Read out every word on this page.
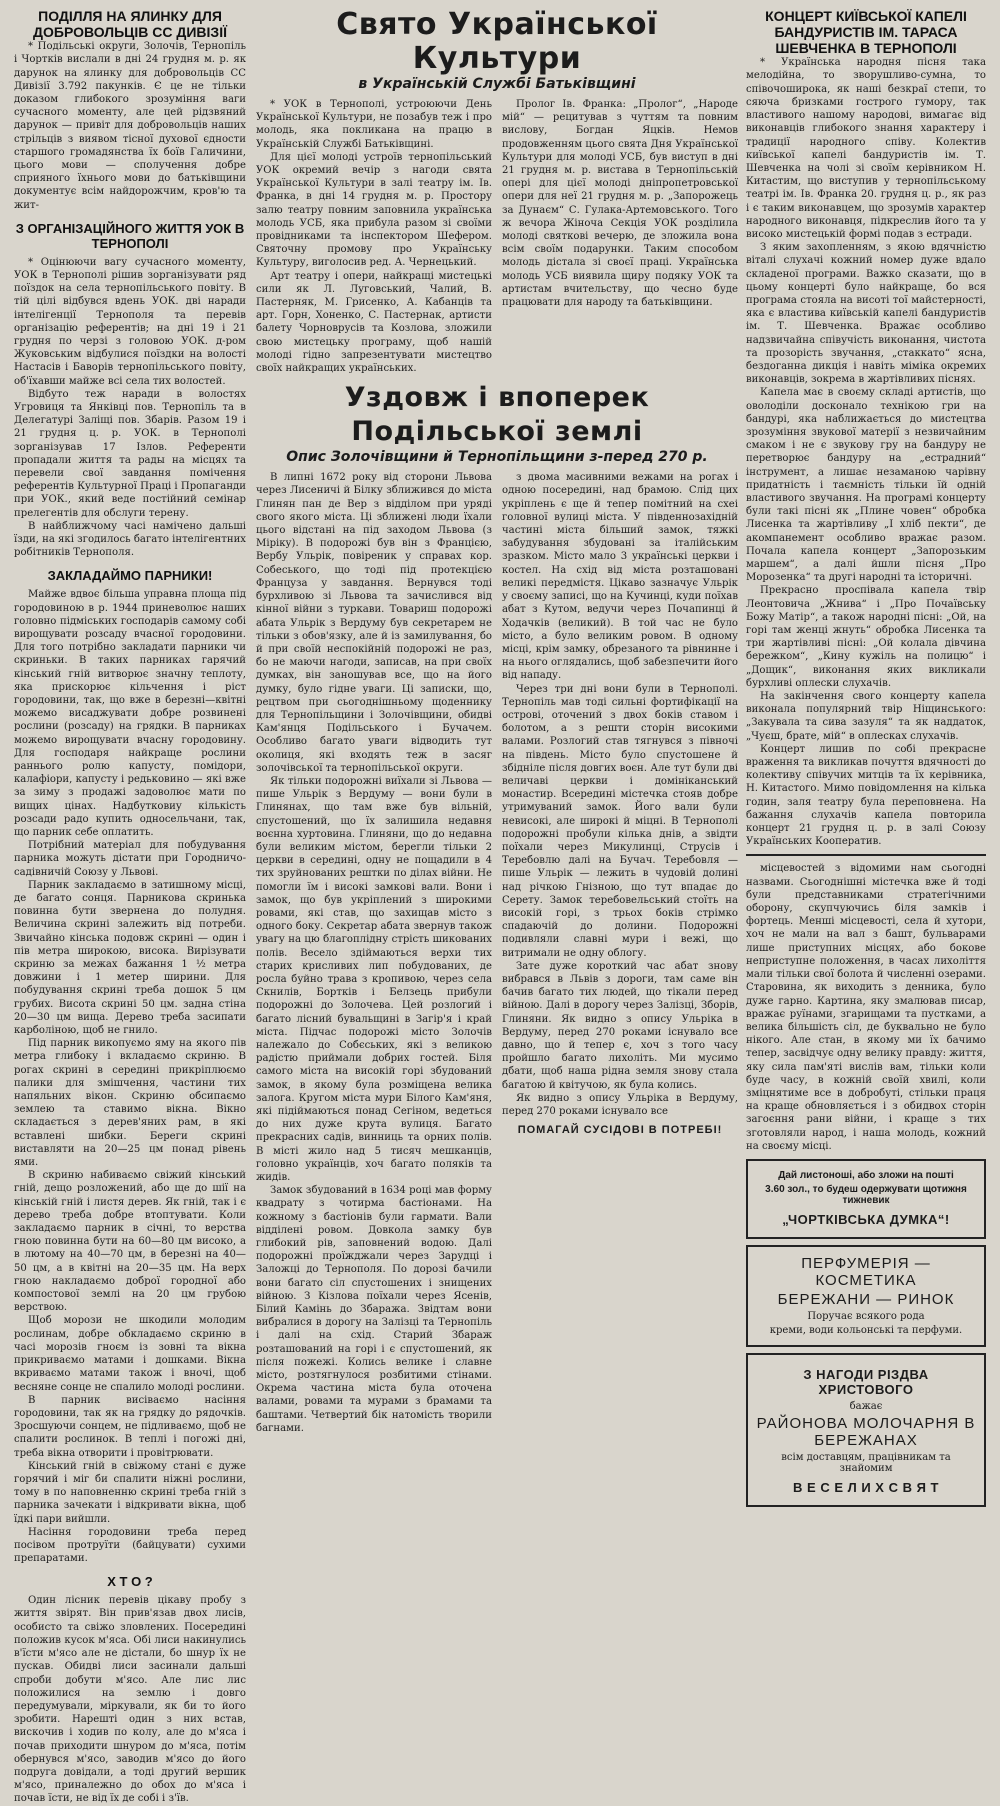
ПОДІЛЛЯ НА ЯЛИНКУ ДЛЯ ДОБРОВОЛЬЦІВ СС ДИВІЗІЇ

* Подільські округи, Золочів, Тернопіль і Чортків вислали в дні 24 грудня м. р. як дарунок на ялинку для добровольців СС Дивізії 3.792 пакунків. Є це не тільки доказом глибокого зрозуміння ваги сучасного моменту, але цей рідзвяний дарунок — привіт для добровольців наших стрільців з виявом тісної духової єдности старшого громадянства їх боїв Галичини, цього мови — сполучення добре сприяного їхнього мови до батьківщини документує всім найдорожчим, кров'ю та жит-

З ОРГАНІЗАЦІЙНОГО ЖИТТЯ УОК В ТЕРНОПОЛІ

* Оцінюючи вагу сучасного моменту, УОК в Тернополі рішив зорганізувати ряд поїздок на села тернопільського повіту. В тій цілі відбувся вдень УОК. дві наради інтелігенції Тернополя та перевів організацію референтів; на дні 19 і 21 грудня по черзі з головою УОК. д-ром Жуковським відбулися поїздки на волості Настасів і Баворів тернопільського повіту, об'їхавши майже всі села тих волостей.

Відбуто теж наради в волостях Угровиця та Янківці пов. Тернопіль та в Делегатурі Заліщі пов. Збарів. Разом 19 і 21 грудня ц. р. УОК. в Тернополі зорганізував 17 Ізлов. Референти пропадали життя та рады на місцях та перевели свої завдання помічення референтів Культурної Праці і Пропаганди при УОК., який веде постійний семінар прелегентів для обслуги терену.

В найближчому часі намічено дальші їзди, на які згодилось багато інтелігентних робітників Тернополя.

ЗАКЛАДАЙМО ПАРНИКИ!

Майже вдвоє більша управна площа під городовиною в р. 1944 приневолює наших головно підміських господарів самому собі вирощувати розсаду вчасної городовини. Для того потрібно закладати парники чи скриньки. В таких парниках гарячий кінський гній витворює значну теплоту, яка прискорює кільчення і ріст городовини, так, що вже в березні—квітні можемо висаджувати добре розвинені рослини (розсаду) на грядки. В парниках можемо вирощувати вчасну городовину. Для господаря найкраще рослини раннього ролю капусту, помідори, калафіори, капусту і редьковино — які вже за зиму з продажі задоволює мати по вищих цінах. Надбутковиу кількість розсади радо купить односельчани, так, що парник себе оплатить.

Потрібний матеріал для побудування парника можуть дістати при Городничо-садівничій Союзу у Львові.

Парник закладаємо в затишному місці, де багато сонця. Парникова скринька повинна бути звернена до полудня. Величина скрині залежить від потреби. Звичайно кінська подовж скрині — один і пів метра широкою, висока. Вирізувати скриню за межах бажання 1 ½ метра довжини і 1 метер ширини. Для побудування скрині треба дошок 5 цм грубих. Висота скрині 50 цм. задна стіна 20—30 цм вища. Дерево треба засипати карболіною, щоб не гнило.

Під парник викопуємо яму на якого пів метра глибоку і вкладаємо скриню. В рогах скрині в середині прикріплюємо палики для змішчення, частини тих напяльних вікон. Скриню обсипаємо землею та ставимо вікна. Вікно складається з дерев'яних рам, в які вставлені шибки. Береги скрині виставляти на 20—25 цм понад рівень ями.

В скриню набиваємо свіжий кінський гній, дещо розложений, або ще до шії на кінській гній і листя дерев. Як гній, так і є дерево треба добре втоптувати. Коли закладаємо парник в січні, то верства гною повинна бути на 60—80 цм високо, а в лютому на 40—70 цм, в березні на 40—50 цм, а в квітні на 20—35 цм. На верх гною накладаємо доброї городної або компостової землі на 20 цм грубою верствою.

Щоб морози не шкодили молодим рослинам, добре обкладаємо скриню в часі морозів гноєм із зовні та вікна прикриваємо матами і дошками. Вікна вкриваємо матами також і вночі, щоб весняне сонце не спалило молоді рослини.

В парник висіваємо насіння городовини, так як на грядку до рядочків. Зросшуючи сонцем, не підливаємо, щоб не спалити рослинок. В теплі і погожі дні, треба вікна отворити і провітрювати.

Кінський гній в свіжому стані є дуже горячий і міг би спалити ніжні рослини, тому в по наповненню скрині треба гній з парника зачекати і відкривати вікна, щоб їдкі пари вийшли.

Насіння городовини треба перед посівом протруїти (байцувати) сухими препаратами.

Х Т О ?

Один лісник перевів цікаву пробу з життя звірят. Він прив'язав двох лисів, особисто та свіжо зловлених. Посередині положив кусок м'яса. Обі лиси накинулись в'їсти м'ясо але не дістали, бо шнур їх не пускав. Обидві лиси засинали дальші спроби добути м'ясо. Але лис лис положилися на землю і довго передумували, міркували, як би то його зробити. Нарешті один з них встав, вискочив і ходив по колу, але до м'яса і почав приходити шнуром до м'яса, потім обернувся м'ясо, заводив м'ясо до його подруга довідали, а тоді другий вершик м'ясо, приналежно до обох до м'яса і почав їсти, не від їх де собі і з'їв.

Свято Української Культури
в Українській Службі Батьківщині

* УОК в Тернополі, устроюючи День Української Культури, не позабув теж і про молодь, яка покликана на працю в Українській Службі Батьківщині.

Для цієї молоді устроїв тернопільський УОК окремий вечір з нагоди свята Української Культури в залі театру ім. Ів. Франка, в дні 14 грудня м. р. Простору залю театру повним заповнила українська молодь УСБ, яка прибула разом зі своїми провідниками та інспектором Шефером. Святочну промову про Українську Культуру, виголосив ред. А. Чернецький.

Арт театру і опери, найкращі мистецькі сили як Л. Луговський, Чалий, В. Пастерняк, М. Грисенко, А. Кабанців та арт. Горн, Хоненко, С. Пастернак, артисти балету Чорноврусів та Козлова, зложили свою мистецьку програму, щоб нашій молоді гідно запрезентувати мистецтво своїх найкращих українських.

Пролог Ів. Франка: „Пролог“, „Народе мій“ — рецитував з чуттям та повним вислову, Богдан Яцків. Немов продовженням цього свята Дня Української Культури для молоді УСБ, був виступ в дні 21 грудня м. р. вистава в Тернопільській опері для цієї молоді дніпропетровської опери для неї 21 грудня м. р. „Запорожець за Дунаєм“ С. Гулака-Артемовського. Того ж вечора Жіноча Секція УОК розділила молоді святкові вечерю, де зложила вона всім своїм подарунки. Таким способом молодь дістала зі своєї праці. Українська молодь УСБ виявила щиру подяку УОК та артистам вчительству, що чесно буде працювати для народу та батьківщини.

Уздовж і впоперек Подільської землі
Опис Золочівщини й Тернопільщини з-перед 270 р.

В липні 1672 року від сторони Львова через Лисеничі й Білку зближився до міста Глинян пан де Вер з відділом при уряді свого якого міста. Ці зближені люди їхали цього відстані на під заходом Львова (з Міріку). В подорожі був він з Францією, Вербу Ульрік, повіреник у справах кор. Собеського, що тоді під протекцією Француза у завдання. Вернувся тоді бурхливою зі Львова та зачислився від кінної війни з туркави. Товариш подорожі абата Ульрік з Вердуму був секретарем не тільки з обов'язку, але й із замилування, бо й при своїй неспокійній подорожі не раз, бо не маючи нагоди, записав, на при своїх думках, він заношував все, що на його думку, було гідне уваги. Ці записки, що, рецтвом при сьогоднішньому щоденнику для Тернопільщини і Золочівщини, обидві Кам'янця Подільського і Бучачем. Особливо багато уваги відводить тут околиця, які входять теж в засяг золочівської та тернопільської округи.

Як тільки подорожні виїхали зі Львова — пише Ульрік з Вердуму — вони були в Глинянах, що там вже був вільній, спустошений, що їх залишила недавня воєнна хуртовина. Глиняни, що до недавна були великим містом, берегли тільки 2 церкви в середині, одну не пощадили в 4 тих зруйнованих рештки по ділах війни. Не помогли їм і високі замкові вали. Вони і замок, що був укріплений з широкими ровами, які став, що захищав місто з одного боку. Секретар абата звернув також увагу на цю благоплідну стрість шикованих полів. Весело здіймаються верхи тих старих крисливих лип побудованих, де росла буйно трава з кропивою, через села Скнилів, Бортків і Белзець прибули подорожні до Золочева. Цей розлогий і багато лісний бувальщині в Загір'я і край міста. Підчас подорожі місто Золочів належало до Собєських, які з великою радістю приймали добрих гостей. Біля самого міста на високій горі збудований замок, в якому була розміщена велика залога. Кругом міста мури Білого Кам'яня, які підіймаються понад Сегіном, ведеться до них дуже крута вулиця. Багато прекрасних садів, винниць та орних полів. В місті жило над 5 тисяч мешканців, головно українців, хоч багато поляків та жидів.

Замок збудований в 1634 році мав форму квадрату з чотирма бастіонами. На кожному з бастіонів були гармати. Вали відділені ровом. Довкола замку був глибокий рів, заповнений водою. Далі подорожні проїжджали через Зарудці і Заложці до Тернополя. По дорозі бачили вони багато сіл спустошених і знищених війною. З Кізлова поїхали через Ясенів, Білий Камінь до Збаража. Звідтам вони вибралися в дорогу на Залізці та Тернопіль і далі на схід. Старий Збараж розташований на горі і є спустошений, як після пожежі. Колись велике і славне місто, розтягнулося розбитими стінами. Окрема частина міста була оточена валами, ровами та мурами з брамами та баштами. Четвертий бік натомість творили багнами.

з двома масивними вежами на рогах і одною посередині, над брамою. Слід цих укріплень є ще й тепер помітний на схеі головної вулиці міста. У південнозахідній частині міста більший замок, тяжкі забудування збудовані за італійським зразком. Місто мало 3 українські церкви і костел. На схід від міста розташовані великі передмістя. Цікаво зазначує Ульрік у своєму записі, що на Кучинці, куди поїхав абат з Кутом, ведучи через Почапинці й Ходачків (великий). В той час не було місто, а було великим ровом. В одному місці, крім замку, обрезаного та рівнинне і на нього оглядались, щоб забезпечити його від нападу.

Через три дні вони були в Тернополі. Тернопіль мав тоді сильні фортифікації на острові, оточений з двох боків ставом і болотом, а з решти сторін високими валами. Розлогий став тягнувся з півночі на південь. Місто було спустошене й збіднілe після довгих воєн. Але тут були дві величаві церкви і домініканський монастир. Всередині містечка стояв добре утримуваний замок. Його вали були невисокі, але широкі й міцні. В Тернополі подорожні пробули кілька днів, а звідти поїхали через Микулинці, Струсів і Теребовлю далі на Бучач. Теребовля — пише Ульрік — лежить в чудовій долині над річкою Гнізною, що тут впадає до Серету. Замок теребовельський стоїть на високій горі, з трьох боків стрімко спадаючій до долини. Подорожні подивляли славні мури і вежі, що витримали не одну облогу.

Зате дуже короткий час абат знову вибрався в Львів з дороги, там саме він бачив багато тих людей, що тікали перед війною. Далі в дорогу через Залізці, Зборів, Глиняни. Як видно з опису Ульріка в Вердуму, перед 270 роками існувало все давно, що й тепер є, хоч з того часу пройшло багато лихоліть. Ми мусимо дбати, щоб наша рідна земля знову стала багатою й квітучою, як була колись.

Як видно з опису Ульріка в Вердуму, перед 270 роками існувало все

ПОМАГАЙ СУСІДОВІ В ПОТРЕБІ!
КОНЦЕРТ КИЇВСЬКОЇ КАПЕЛІ БАНДУРИСТІВ ІМ. ТАРАСА ШЕВЧЕНКА В ТЕРНОПОЛІ

* Українська народня пісня така мелодійна, то зворушливо-сумна, то співочоширока, як наші безкраї степи, то сяюча бризками гострого гумору, так властивого нашому народові, вимагає від виконавців глибокого знання характеру і традиції народного співу. Колектив київської капелі бандуристів ім. Т. Шевченка на чолі зі своїм керівником Н. Китастим, що виступив у тернопільському театрі ім. Ів. Франка 20. грудня ц. р., як раз і є таким виконавцем, що зрозумів характер народного виконавця, підкреслив його та у високо мистецькій формі подав з естради.

З яким захопленням, з якою вдячністю віталі слухачі кожний номер дуже вдало складеної програми. Важко сказати, що в цьому концерті було найкраще, бо вся програма стояла на висоті тої майстерності, яка є властива київській капелі бандуристів ім. Т. Шевченка. Вражає особливо надзвичайна співучість виконання, чистота та прозорість звучання, „стаккато“ ясна, бездоганна дикція і навіть міміка окремих виконавців, зокрема в жартівливих піснях.

Капела має в своєму складі артистів, що оволоділи досконало технікою гри на бандурі, яка наближається до мистецтва зрозуміння звукової матерії з незвичайним смаком і не є звукову гру на бандуру не перетворює бандуру на „естрадний“ інструмент, а лишає незаманою чарівну придатність і таємність тільки їй одній властивого звучання. На програмі концерту були такі пісні як „Плине човен“ обробка Лисенка та жартівливу „І хліб пекти“, де акомпанемент особливо вражає разом. Почала капела концерт „Запорозьким маршем“, а далі йшли пісня „Про Морозенка“ та другі народні та історичні.

Прекрасно проспівала капела твір Леонтовича „Жнива“ і „Про Почаївську Божу Матір“, а також народні пісні: „Ой, на горі там женці жнуть“ обробка Лисенка та три жартівливі пісні: „Ой колала дівчина бережком“, „Кину кужіль на полицю“ і „Дощик“, виконання яких викликали бурхливі оплески слухачів.

На закінчення свого концерту капела виконала популярний твір Ніщинського: „Закувала та сива зазуля“ та як наддаток, „Чуєш, брате, мій“ в оплесках слухачів.

Концерт лишив по собі прекрасне враження та викликав почуття вдячності до колективу співучих митців та їх керівника, Н. Китастого. Мимо повідомлення на кілька годин, заля театру була переповнена. На бажання слухачів капела повторила концерт 21 грудня ц. р. в залі Союзу Українських Кооператив.

місцевостей з відомими нам сьогодні назвами. Сьогоднішні містечка вже й тоді були представниками стратегічними оборону, скупчуючись біля замків і фортець. Менші місцевості, села й хутори, хоч не мали на вал з башт, бульварами лише приступних місцях, або бокове неприступне положення, в часах лихоліття мали тільки свої болота й численні озерами. Старовина, як виходить з денника, було дуже гарно. Картина, яку змалював писар, вражає руїнами, згарищами та пустками, а велика більшість сіл, де буквально не було нікого. Але стан, в якому ми їх бачимо тепер, засвідчує одну велику правду: життя, яку сила пам'яті вислів вам, тільки коли буде часу, в кожній своїй хвилі, коли зміцнятиме все в добробуті, стільки праця на краще обновляється і з обидвох сторін загоєння рани війни, і краще з тих зготовляли народ, і наша молодь, кожний на своєму місці.

Дай листоноші, або зложи на пошті
3.60 зол., то будеш одержувати щотижня тижневик
„ЧОРТКІВСЬКА ДУМКА“!
ПЕРФУМЕРІЯ — КОСМЕТИКА
БЕРЕЖАНИ — РИНОК
Поручає всякого рода
креми, води кольонські та перфуми.
З НАГОДИ РІЗДВА ХРИСТОВОГО
бажає
РАЙОНОВА МОЛОЧАРНЯ В БЕРЕЖАНАХ
всім доставцям, працівникам та знайомим
В Е С Е Л И Х С В Я Т
